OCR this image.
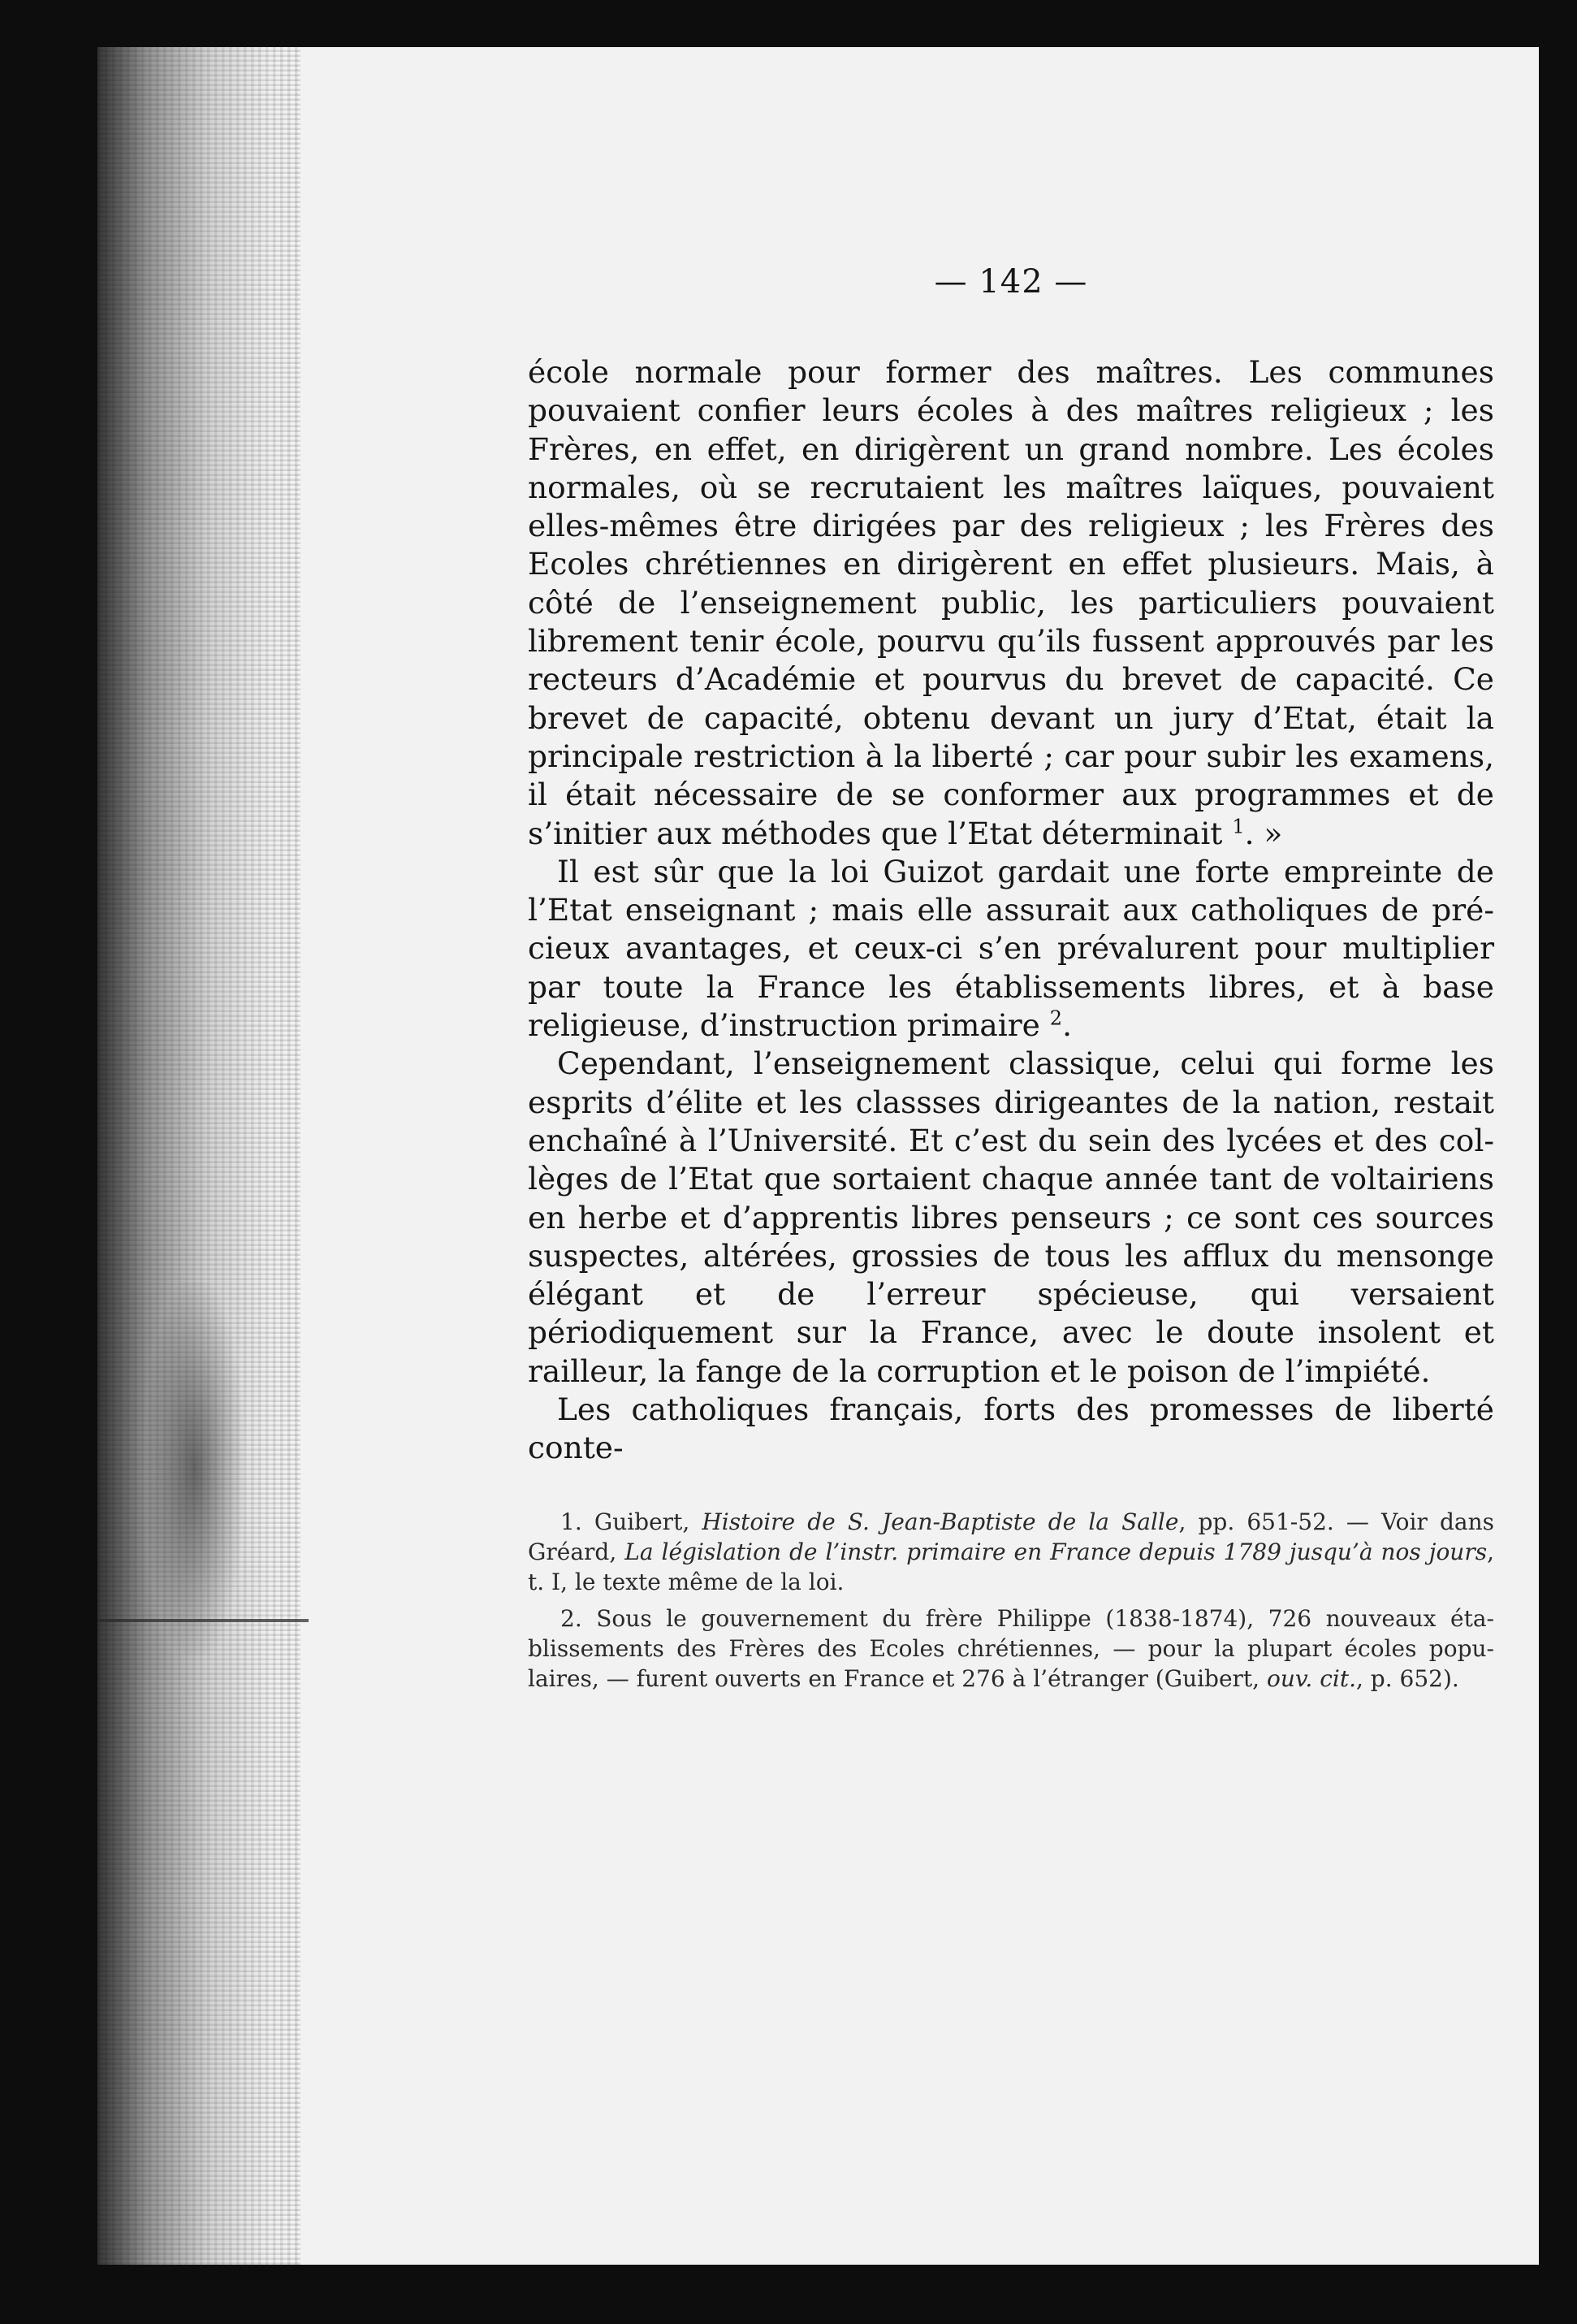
— 142 —

école normale pour former des maîtres. Les communes pouvaient confier leurs écoles à des maîtres religieux ; les Frères, en effet, en dirigèrent un grand nombre. Les écoles normales, où se recrutaient les maîtres laïques, pouvaient elles-mêmes être dirigées par des religieux ; les Frères des Ecoles chrétiennes en dirigèrent en effet plusieurs. Mais, à côté de l’enseignement public, les particuliers pouvaient librement tenir école, pourvu qu’ils fussent approuvés par les recteurs d’Académie et pourvus du brevet de capacité. Ce brevet de capacité, obtenu devant un jury d’Etat, était la principale restriction à la liberté ; car pour subir les examens, il était nécessaire de se conformer aux programmes et de s’initier aux méthodes que l’Etat déterminait $^1$. »

Il est sûr que la loi Guizot gardait une forte empreinte de l’Etat enseignant ; mais elle assurait aux catholiques de précieux avantages, et ceux-ci s’en prévalurent pour multiplier par toute la France les établissements libres, et à base religieuse, d’instruction primaire $^2$.

Cependant, l’enseignement classique, celui qui forme les esprits d’élite et les classses dirigeantes de la nation, restait enchaîné à l’Université. Et c’est du sein des lycées et des collèges de l’Etat que sortaient chaque année tant de voltairiens en herbe et d’apprentis libres penseurs ; ce sont ces sources suspectes, altérées, grossies de tous les afflux du mensonge élégant et de l’erreur spécieuse, qui versaient périodiquement sur la France, avec le doute insolent et railleur, la fange de la corruption et le poison de l’impiété.

Les catholiques français, forts des promesses de liberté conte-

1. Guibert, Histoire de S. Jean-Baptiste de la Salle, pp. 651-52. — Voir dans Gréard, La législation de l’instr. primaire en France depuis 1789 jusqu’à nos jours, t. I, le texte même de la loi.

2. Sous le gouvernement du frère Philippe (1838-1874), 726 nouveaux établissements des Frères des Ecoles chrétiennes, — pour la plupart écoles populaires, — furent ouverts en France et 276 à l’étranger (Guibert, ouv. cit., p. 652).
